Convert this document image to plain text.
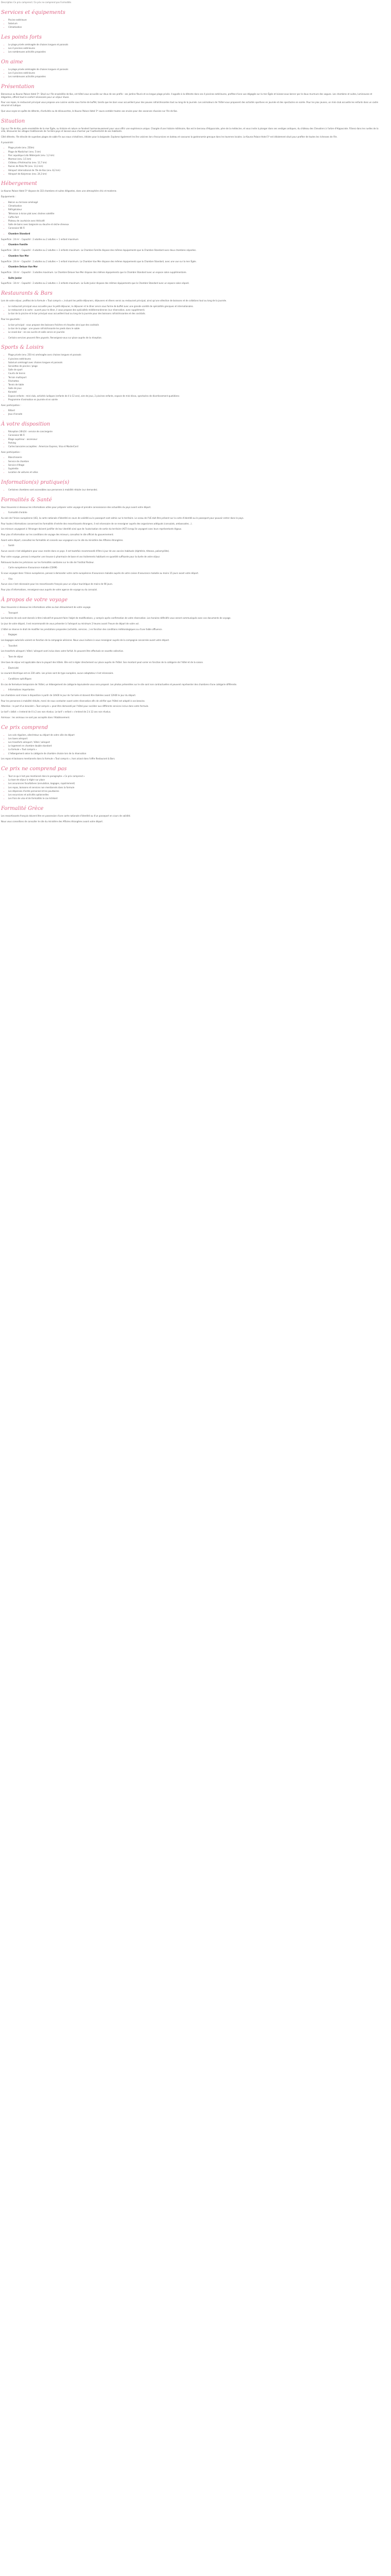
Description Ce prix comprend / Ce prix ne comprend pas Formalités

Services et équipements
• Piscine extérieure
• Solarium
• Climatisation
Les points forts
• Le plage privée aménagée de chaises longues et parasols
• Les 4 piscines extérieures
• Les nombreuses activités proposées
On aime
• La plage privée aménagée de chaises longues et parasols
• Les 4 piscines extérieures
• Les nombreuses activités proposées
Présentation

Bienvenue au Kouros Palace Hotel 5*. Situé sur l'île ensoleillée de Kos, cet hôtel vous accueille sur deux de ses profils : ses jardins fleuris et sa longue plage privée. Il appelle à la détente dans ses 4 piscines extérieures, profitez d'une vue dégagée sur la mer Égée et laissez-vous bercer par le doux murmure des vagues. Les chambres et suites, lumineuses et élégantes, offrent tout le confort nécessaire pour un séjour réussi.

Pour vos repas, le restaurant principal vous propose une cuisine variée sous forme de buffet, tandis que les bars vous accueillent pour des pauses rafraîchissantes tout au long de la journée. Les animateurs de l'hôtel vous proposent des activités sportives en journée et des spectacles en soirée. Pour les plus jeunes, un mini-club accueille les enfants dans un cadre sécurisé et ludique.

Que vous soyez en quête de détente, d'activités ou de découvertes, le Kouros Palace Hotel 5* saura combler toutes vos envies pour des vacances réussies sur l'île de Kos.

Situation

Cap sur l'île de Kos, perle ensoleillée de la mer Égée, ou histoire et nature se fondent harmonieusement pour vous offrir une expérience unique. Chargée d'une histoire millénaire, Kos est le berceau d'Hippocrate, père de la médecine, et vous invite à plonger dans ses vestiges antiques, du château des Chevaliers à l'arbre d'Hippocrate. Flânez dans les ruelles de la ville, découvrez les villages traditionnels de l'arrière-pays et laissez-vous charmer par l'authenticité de ses habitants.

Côté détente, l'île dévoile de superbes plages de sable fin aux eaux cristallines, idéales pour la baignade. Explorez également les îles voisines lors d'excursions en bateau et savourez la gastronomie grecque dans les tavernes locales. Le Kouros Palace Hotel 5* est idéalement situé pour profiter de toutes les richesses de l'île.

À proximité :

• Plage privée (env. 250m)
• Plage de Mastichari (env. 5 km)
• Parc aquatique Lido Waterpark (env. 1,2 km)
• Marmari (env. 3,5 km)
• Château d'Antimachia (env. 12,7 km)
• Ruines de Palio Pili (env. 13,3 km)
• Aéroport international de l'île de Kos (env. 8,2 km)
• Aéroport de Kalymnos (env. 24,3 km)
Hébergement

Le Kouros Palace Hotel 5* dispose de 333 chambres et suites élégantes, dans une atmosphère chic et moderne.

Équipements :

• Balcon ou terrasse aménagé
• Climatisation
• Réfrigérateur
• Télévision à écran plat avec chaînes satellite
• Coffre-fort
• Plateau de courtoisie avec thé/café
• Salle de bains avec baignoire ou douche et sèche-cheveux
• Connexion Wi-Fi
• Chambre Standard

Superficie : 24 m² - Capacité : 2 adultes ou 2 adultes + 1 enfant maximum

• Chambre Famille

Superficie : 38 m² - Capacité : 4 adultes ou 2 adultes + 2 enfants maximum. La Chambre Famille dispose des mêmes équipements que la Chambre Standard avec deux chambres séparées.

• Chambre Vue Mer

Superficie : 24 m² - Capacité : 2 adultes ou 2 adultes + 1 enfant maximum. La Chambre Vue Mer dispose des mêmes équipements que la Chambre Standard, avec une vue sur la mer Égée.

• Chambre Deluxe Vue Mer

Superficie : 33 m² - Capacité : 3 adultes maximum. La Chambre Deluxe Vue Mer dispose des mêmes équipements que la Chambre Standard avec un espace salon supplémentaire.

• Suite Junior

Superficie : 34 m² - Capacité : 2 adultes ou 2 adultes + 2 enfants maximum. La Suite Junior dispose des mêmes équipements que la Chambre Standard avec un espace salon séparé.

Restaurants & Bars

Lors de votre séjour, profitez de la formule « Tout compris », incluant les petits-déjeuners, déjeuners et dîners servis au restaurant principal, ainsi qu'une sélection de boissons et de collations tout au long de la journée.

• Le restaurant principal vous accueille pour le petit-déjeuner, le déjeuner et le dîner servis sous forme de buffet avec une grande variété de spécialités grecques et internationales.
• Le restaurant à la carte : ouvert pour le dîner, il vous propose des spécialités méditerranéennes (sur réservation, avec supplément).
• Le bar de la piscine et le bar principal vous accueillent tout au long de la journée pour des boissons rafraîchissantes et des cocktails.

Pour les gourmets :

• Le bar principal : vous propose des boissons fraîches et chaudes ainsi que des cocktails
• Le bar de la plage : une pause rafraîchissante les pieds dans le sable
• Le snack-bar : en-cas sucrés et salés servis en journée
• Certains services peuvent être payants. Renseignez-vous sur place auprès de la réception.
Sports & Loisirs
• Plage privée (env. 250 m) aménagée avec chaises longues et parasols
• 4 piscines extérieures
• Solarium aménagé avec chaises longues et parasols
• Serviettes de piscine / plage
• Salle de sport
• Courts de tennis
• Terrain multisport
• Fléchettes
• Tennis de table
• Salle de jeux
• Karaoké
• Espace enfants : mini-club, activités ludiques (enfants de 4 à 12 ans), aire de jeux, 2 piscines enfants, espace de mini-disco, spectacles de divertissement quotidiens
• Programme d'animation en journée et en soirée

Avec participation :

• Billard
• Jeux d'arcade
À votre disposition
• Réception 24h/24 - service de conciergerie
• Connexion Wi-Fi
• Étage supérieur - ascenseur
• Parking
• Cartes bancaires acceptées : American Express, Visa et MasterCard

Avec participation :

• Blanchisserie
• Service de chambre
• Service d'étage
• Supérette
• Location de voitures et vélos
Information(s) pratique(s)
• Certaines chambres sont accessibles aux personnes à mobilité réduite (sur demande).
Formalités & Santé

Vous trouverez ci-dessous les informations utiles pour préparer votre voyage et prendre connaissance des actualités du pays avant votre départ.

• Formalité d'entrée

Au sein de l'Union européenne (UE), la carte nationale d'identité en cours de validité ou le passeport sont admis sur le territoire. Le sceau de l'UE doit être présent sur la carte d'identité ou le passeport pour pouvoir entrer dans le pays.

Pour toutes informations concernant les formalités d'entrée des ressortissants étrangers, il est nécessaire de se renseigner auprès des organismes adéquats (consulats, ambassades…).

Les mineurs voyageant à l'étranger doivent justifier de leur identité ainsi que de l'autorisation de sortie du territoire (AST) lorsqu'ils voyagent sans leurs représentants légaux.

Pour plus d'information sur les conditions de voyage des mineurs, consultez le site officiel du gouvernement.

Avant votre départ, consultez les formalités et conseils aux voyageurs sur le site du ministère des Affaires étrangères.

• Santé

Aucun vaccin n'est obligatoire pour vous rendre dans ce pays. Il est toutefois recommandé d'être à jour de vos vaccins habituels (diphtérie, tétanos, poliomyélite).

Pour votre voyage, pensez à emporter une trousse à pharmacie de base et vos traitements habituels en quantité suffisante pour la durée de votre séjour.

Retrouvez toutes les précisions sur les formalités sanitaires sur le site de l'Institut Pasteur.

• Carte européenne d'assurance maladie (CEAM)

Si vous voyagez dans l'Union européenne, pensez à demander votre carte européenne d'assurance maladie auprès de votre caisse d'assurance maladie au moins 15 jours avant votre départ.

• Visa

Aucun visa n'est nécessaire pour les ressortissants français pour un séjour touristique de moins de 90 jours.

Pour plus d'informations, renseignez-vous auprès de votre agence de voyage ou du consulat.

À propos de votre voyage

Vous trouverez ci-dessous les informations utiles au bon déroulement de votre voyage.

• Transport

Les horaires de vols sont donnés à titre indicatif et peuvent faire l'objet de modifications, y compris après confirmation de votre réservation. Les horaires définitifs vous seront communiqués avec vos documents de voyage.

Le jour de votre départ, il est recommandé de vous présenter à l'aéroport au minimum 2 heures avant l'heure de départ de votre vol.

L'hôtel se réserve le droit de modifier les prestations proposées (activités, services…) en fonction des conditions météorologiques ou d'une faible affluence.

• Bagages

Les bagages autorisés varient en fonction de la compagnie aérienne. Nous vous invitons à vous renseigner auprès de la compagnie concernée avant votre départ.

• Transfert

Les transferts aéroport / hôtel / aéroport sont inclus dans votre forfait. Ils peuvent être effectués en navette collective.

• Taxe de séjour

Une taxe de séjour est applicable dans la plupart des hôtels. Elle est à régler directement sur place auprès de l'hôtel. Son montant peut varier en fonction de la catégorie de l'hôtel et de la saison.

• Électricité

Le courant électrique est en 230 volts. Les prises sont de type européen, aucun adaptateur n'est nécessaire.

• Conditions spécifiques

En cas de fermeture temporaire de l'hôtel, un hébergement de catégorie équivalente vous sera proposé. Les photos présentées sur le site sont non contractuelles et peuvent représenter des chambres d'une catégorie différente.

• Informations importantes

Les chambres sont mises à disposition à partir de 14h00 le jour de l'arrivée et doivent être libérées avant 12h00 le jour du départ.

Pour les personnes à mobilité réduite, merci de nous contacter avant votre réservation afin de vérifier que l'hôtel est adapté à vos besoins.

Attention : le port d'un bracelet « Tout compris » peut être demandé par l'hôtel pour accéder aux différents services inclus dans votre formule.

Le tarif « bébé » s'entend de 0 à 2 ans non révolus. Le tarif « enfant » s'entend de 2 à 12 ans non révolus.

Animaux : les animaux ne sont pas acceptés dans l'établissement.

Ce prix comprend
• Les vols réguliers, aller/retour au départ de votre ville de départ
• Les taxes aéroport
• Les transferts aéroport / hôtel / aéroport
• Le logement en chambre double standard
• La formule « Tout compris »
• L'hébergement selon la catégorie de chambre choisie lors de la réservation

Les repas et boissons mentionnés dans la formule « Tout compris », hors alcool dans l'offre Restaurant & Bars.

Ce prix ne comprend pas
• Tout ce qui n'est pas mentionné dans le paragraphe « Ce prix comprend »
• La taxe de séjour à régler sur place
• Les assurances facultatives (annulation, bagages, rapatriement)
• Les repas, boissons et services non mentionnés dans la formule
• Les dépenses d'ordre personnel et les pourboires
• Les excursions et activités optionnelles
• Les frais de visa et de formalités le cas échéant
Formalité Grèce

Les ressortissants français doivent être en possession d'une carte nationale d'identité ou d'un passeport en cours de validité.

Nous vous conseillons de consulter le site du ministère des Affaires étrangères avant votre départ.
